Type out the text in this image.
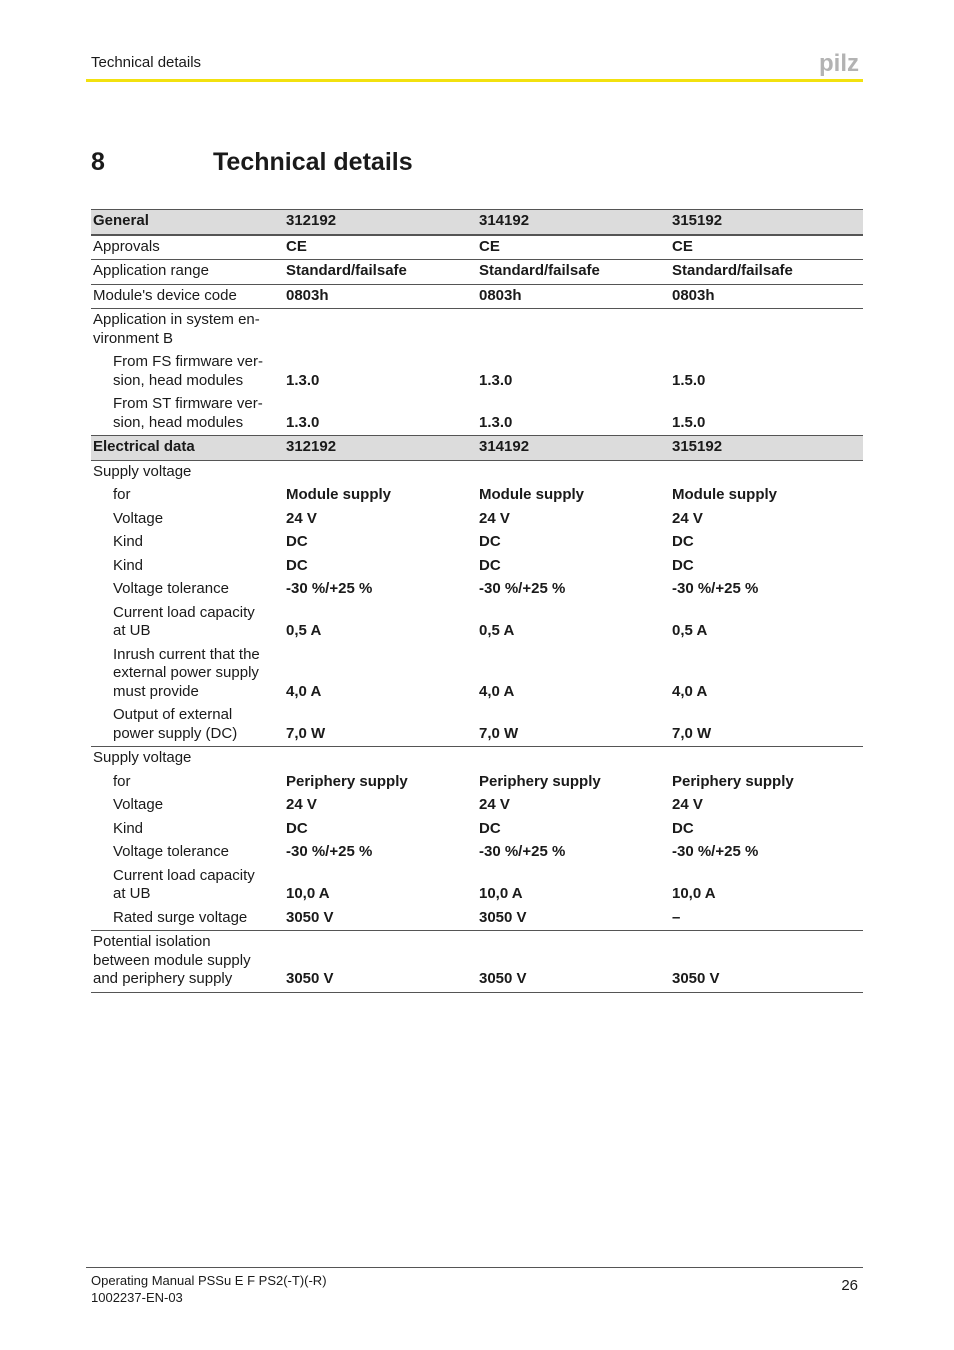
Technical details	pilz
8	Technical details
General	312192	314192	315192
Approvals	CE	CE	CE
Application range	Standard/failsafe	Standard/failsafe	Standard/failsafe
Module's device code	0803h	0803h	0803h
Application in system en-
vironment B
From FS firmware ver-
sion, head modules	1.3.0	1.3.0	1.5.0
From ST firmware ver-
sion, head modules	1.3.0	1.3.0	1.5.0
Electrical data	312192	314192	315192
Supply voltage
for	Module supply	Module supply	Module supply
Voltage	24 V	24 V	24 V
Kind	DC	DC	DC
Kind	DC	DC	DC
Voltage tolerance	-30 %/+25 %	-30 %/+25 %	-30 %/+25 %
Current load capacity
at UB	0,5 A	0,5 A	0,5 A
Inrush current that the
external power supply
must provide	4,0 A	4,0 A	4,0 A
Output of external
power supply (DC)	7,0 W	7,0 W	7,0 W
Supply voltage
for	Periphery supply	Periphery supply	Periphery supply
Voltage	24 V	24 V	24 V
Kind	DC	DC	DC
Voltage tolerance	-30 %/+25 %	-30 %/+25 %	-30 %/+25 %
Current load capacity
at UB	10,0 A	10,0 A	10,0 A
Rated surge voltage	3050 V	3050 V	–
Potential isolation
between module supply
and periphery supply	3050 V	3050 V	3050 V
Operating Manual PSSu E F PS2(-T)(-R)
1002237-EN-03
26
